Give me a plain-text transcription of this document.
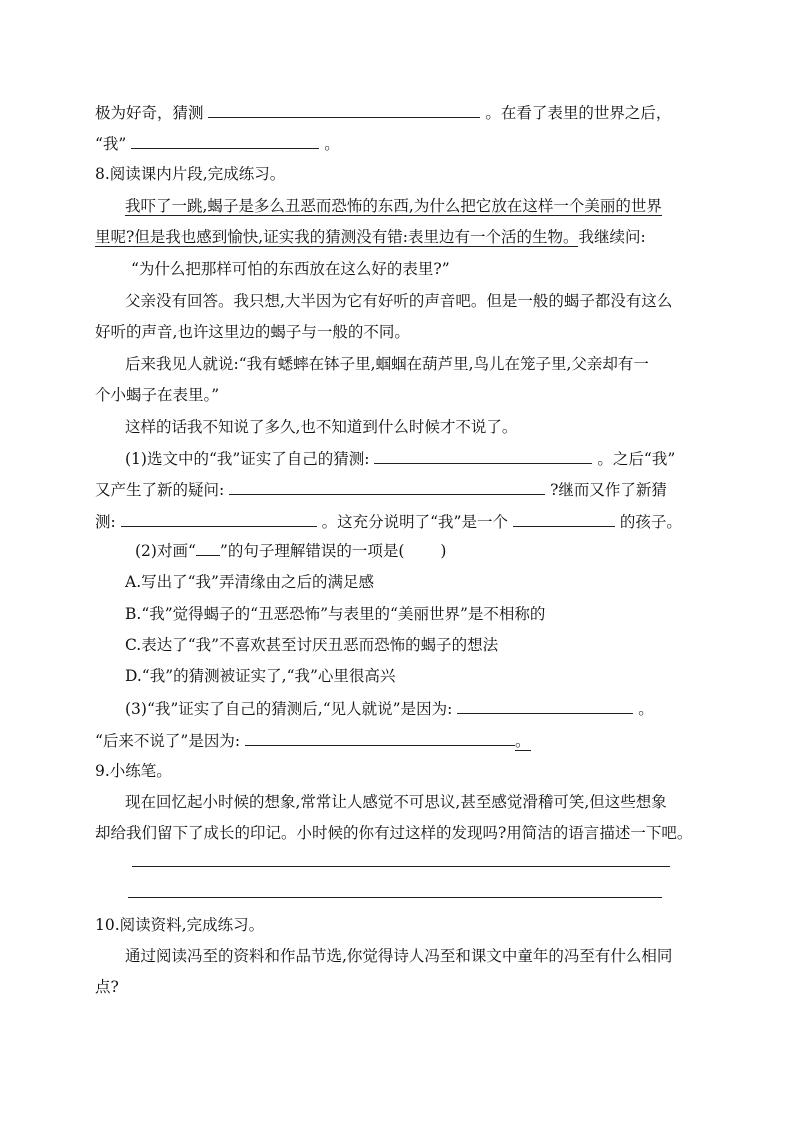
极为好奇，猜测	。在看了表里的世界之后，
“我”	。
8.阅读课内片段,完成练习。
我吓了一跳,蝎子是多么丑恶而恐怖的东西,为什么把它放在这样一个美丽的世界
里呢?但是我也感到愉快,证实我的猜测没有错:表里边有一个活的生物。我继续问:
“为什么把那样可怕的东西放在这么好的表里?”
父亲没有回答。我只想,大半因为它有好听的声音吧。但是一般的蝎子都没有这么
好听的声音,也许这里边的蝎子与一般的不同。
后来我见人就说:“我有蟋蟀在钵子里,蝈蝈在葫芦里,鸟儿在笼子里,父亲却有一
个小蝎子在表里。”
这样的话我不知说了多久,也不知道到什么时候才不说了。
(1)选文中的“我”证实了自己的猜测:	。之后“我”
又产生了新的疑问:	?继而又作了新猜
测:	。这充分说明了“我”是一个	的孩子。
(2)对画“ ”的句子理解错误的一项是( )
A.写出了“我”弄清缘由之后的满足感
B.“我”觉得蝎子的“丑恶恐怖”与表里的“美丽世界”是不相称的
C.表达了“我”不喜欢甚至讨厌丑恶而恐怖的蝎子的想法
D.“我”的猜测被证实了,“我”心里很高兴
(3)“我”证实了自己的猜测后,“见人就说”是因为:	。
“后来不说了”是因为:	。
9.小练笔。
现在回忆起小时候的想象,常常让人感觉不可思议,甚至感觉滑稽可笑,但这些想象
却给我们留下了成长的印记。小时候的你有过这样的发现吗?用简洁的语言描述一下吧。
10.阅读资料,完成练习。
通过阅读冯至的资料和作品节选,你觉得诗人冯至和课文中童年的冯至有什么相同
点?
